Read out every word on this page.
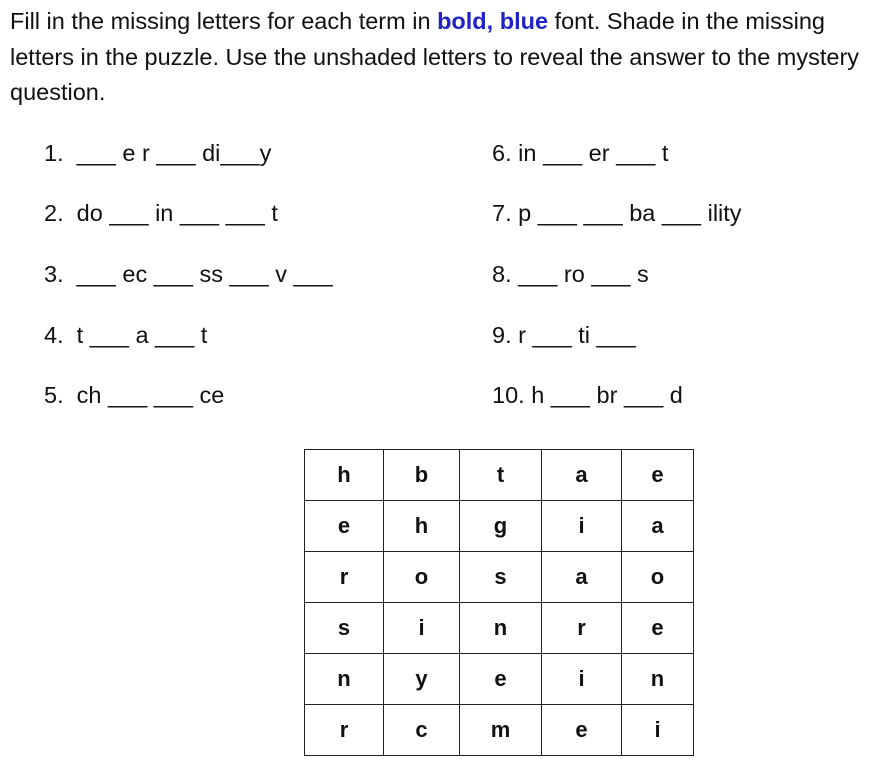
Fill in the missing letters for each term in bold, blue font. Shade in the missing letters in the puzzle. Use the unshaded letters to reveal the answer to the mystery question.

1.  ___ e r ___ di___y
2.  do ___ in ___ ___ t
3.  ___ ec ___ ss ___ v ___
4.  t ___ a ___ t
5.  ch ___ ___ ce
6. in ___ er ___ t
7. p ___ ___ ba ___ ility
8. ___ ro ___ s
9. r ___ ti ___
10. h ___ br ___ d
h	b	t	a	e
e	h	g	i	a
r	o	s	a	o
s	i	n	r	e
n	y	e	i	n
r	c	m	e	i
